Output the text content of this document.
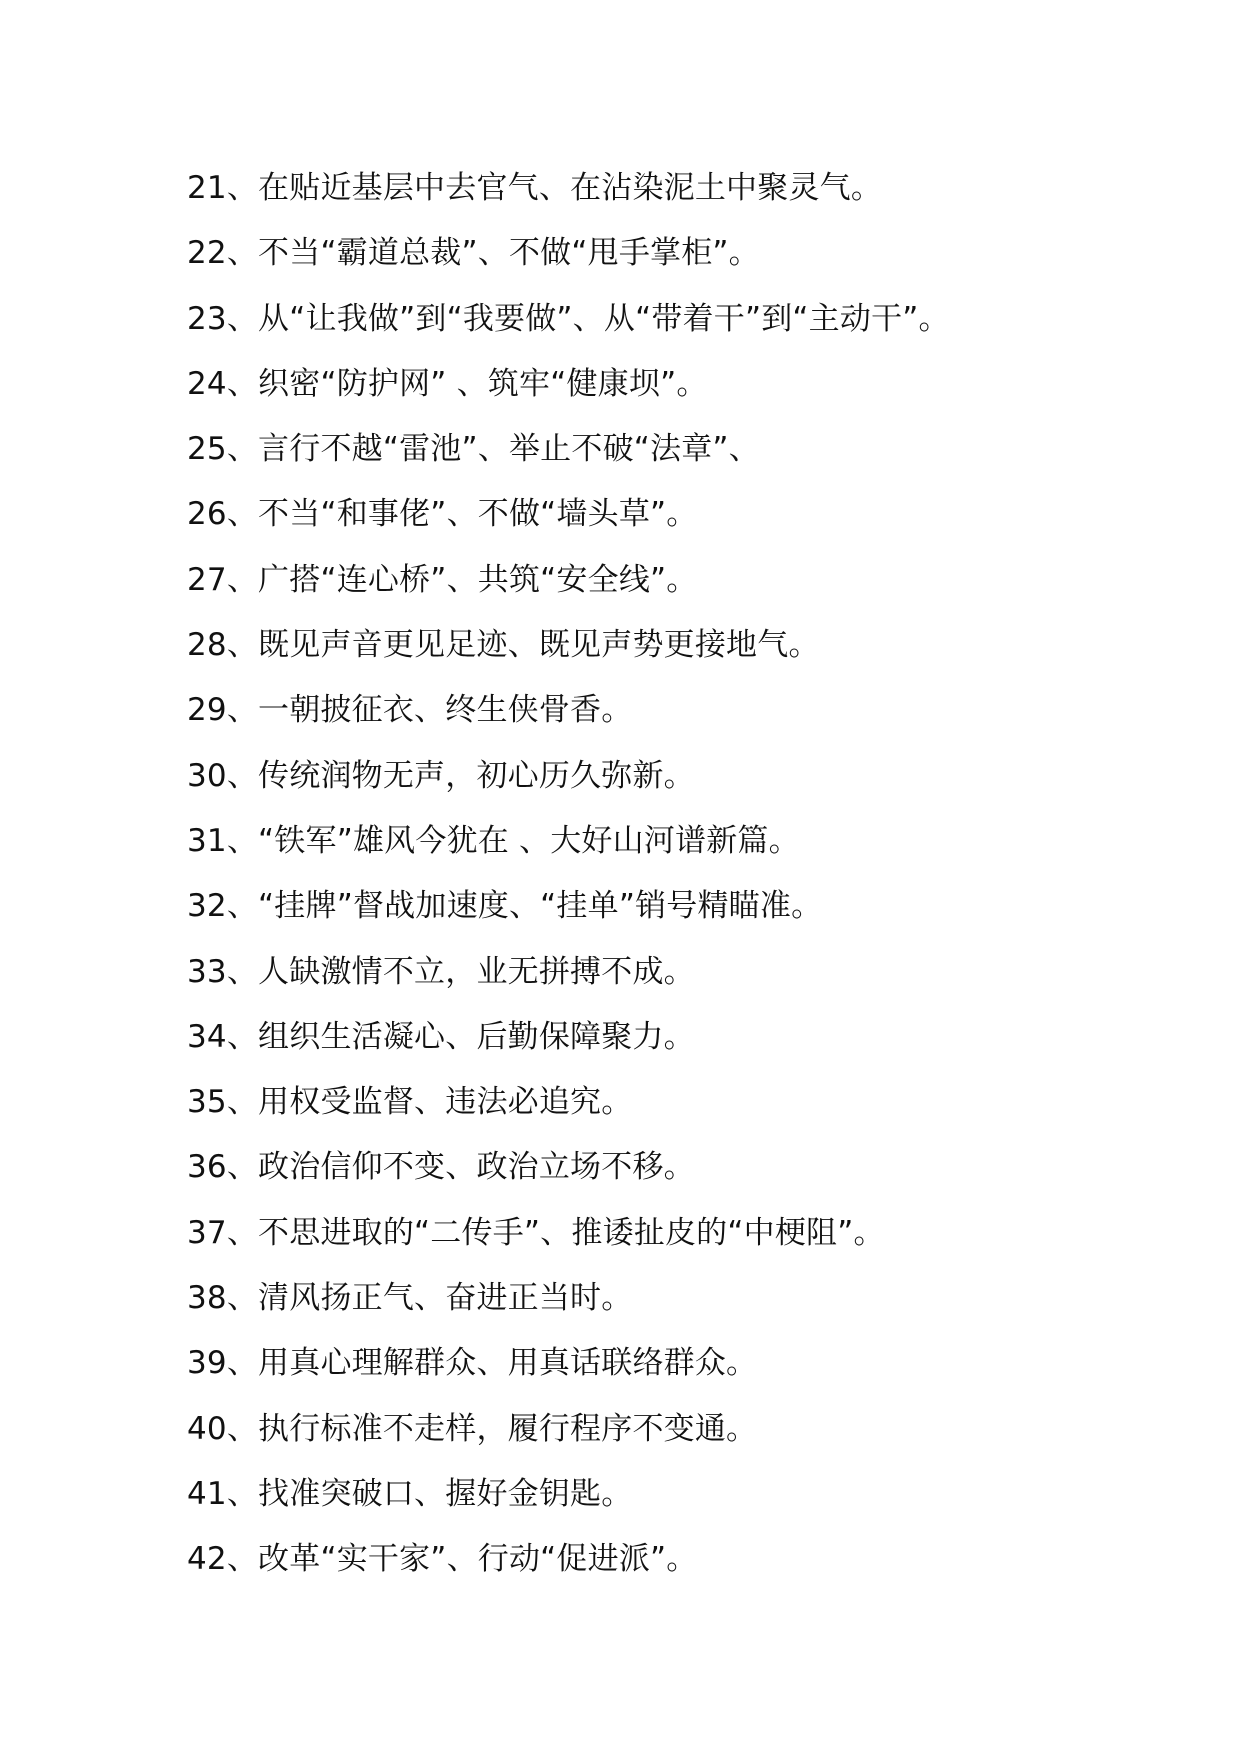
21、在贴近基层中去官气、在沾染泥土中聚灵气。
22、不当“霸道总裁”、不做“甩手掌柜”。
23、从“让我做”到“我要做”、从“带着干”到“主动干”。
24、织密“防护网” 、筑牢“健康坝”。
25、言行不越“雷池”、举止不破“法章”、
26、不当“和事佬”、不做“墙头草”。
27、广搭“连心桥”、共筑“安全线”。
28、既见声音更见足迹、既见声势更接地气。
29、一朝披征衣、终生侠骨香。
30、传统润物无声，初心历久弥新。
31、“铁军”雄风今犹在 、大好山河谱新篇。
32、“挂牌”督战加速度、“挂单”销号精瞄准。
33、人缺激情不立，业无拼搏不成。
34、组织生活凝心、后勤保障聚力。
35、用权受监督、违法必追究。
36、政治信仰不变、政治立场不移。
37、不思进取的“二传手”、推诿扯皮的“中梗阻”。
38、清风扬正气、奋进正当时。
39、用真心理解群众、用真话联络群众。
40、执行标准不走样，履行程序不变通。
41、找准突破口、握好金钥匙。
42、改革“实干家”、行动“促进派”。
